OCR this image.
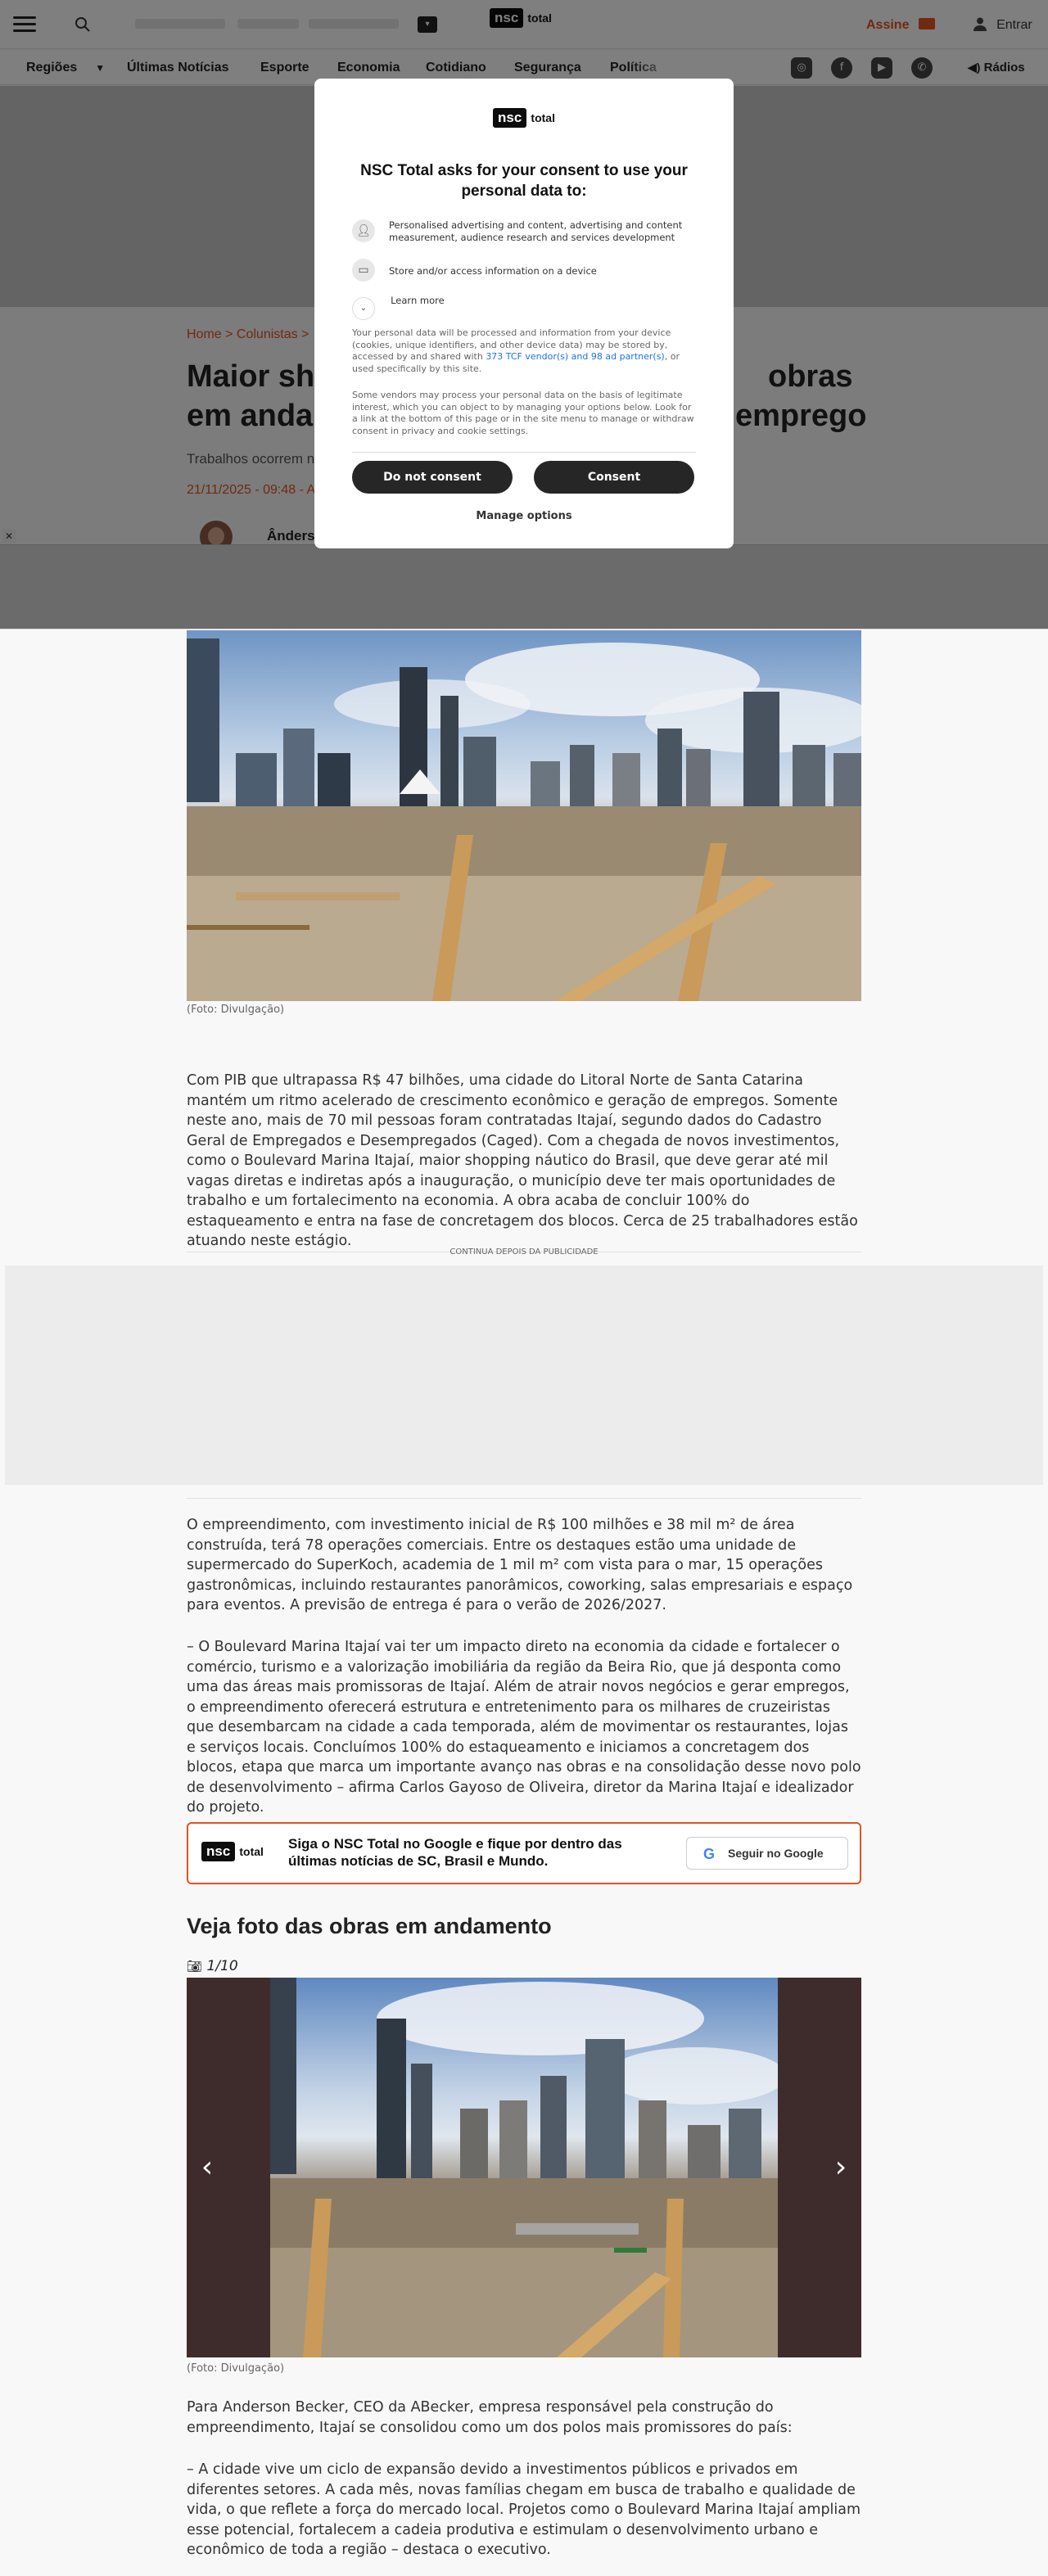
(Foto: Divulgação)
Com PIB que ultrapassa R$ 47 bilhões, uma cidade do Litoral Norte de Santa Catarina mantém um ritmo acelerado de crescimento econômico e geração de empregos. Somente neste ano, mais de 70 mil pessoas foram contratadas Itajaí, segundo dados do Cadastro Geral de Empregados e Desempregados (Caged). Com a chegada de novos investimentos, como o Boulevard Marina Itajaí, maior shopping náutico do Brasil, que deve gerar até mil vagas diretas e indiretas após a inauguração, o município deve ter mais oportunidades de trabalho e um fortalecimento na economia. A obra acaba de concluir 100% do estaqueamento e entra na fase de concretagem dos blocos. Cerca de 25 trabalhadores estão atuando neste estágio.
CONTINUA DEPOIS DA PUBLICIDADE
O empreendimento, com investimento inicial de R$ 100 milhões e 38 mil m² de área construída, terá 78 operações comerciais. Entre os destaques estão uma unidade de supermercado do SuperKoch, academia de 1 mil m² com vista para o mar, 15 operações gastronômicas, incluindo restaurantes panorâmicos, coworking, salas empresariais e espaço para eventos. A previsão de entrega é para o verão de 2026/2027.
– O Boulevard Marina Itajaí vai ter um impacto direto na economia da cidade e fortalecer o comércio, turismo e a valorização imobiliária da região da Beira Rio, que já desponta como uma das áreas mais promissoras de Itajaí. Além de atrair novos negócios e gerar empregos, o empreendimento oferecerá estrutura e entretenimento para os milhares de cruzeiristas que desembarcam na cidade a cada temporada, além de movimentar os restaurantes, lojas e serviços locais. Concluímos 100% do estaqueamento e iniciamos a concretagem dos blocos, etapa que marca um importante avanço nas obras e na consolidação desse novo polo de desenvolvimento – afirma Carlos Gayoso de Oliveira, diretor da Marina Itajaí e idealizador do projeto.
nsc total Siga o NSC Total no Google e fique por dentro das últimas notícias de SC, Brasil e Mundo.	G Seguir no Google
Veja foto das obras em andamento
📷︎ 1/10
‹	›
(Foto: Divulgação)
Para Anderson Becker, CEO da ABecker, empresa responsável pela construção do empreendimento, Itajaí se consolidou como um dos polos mais promissores do país:
– A cidade vive um ciclo de expansão devido a investimentos públicos e privados em diferentes setores. A cada mês, novas famílias chegam em busca de trabalho e qualidade de vida, o que reflete a força do mercado local. Projetos como o Boulevard Marina Itajaí ampliam esse potencial, fortalecem a cadeia produtiva e estimulam o desenvolvimento urbano e econômico de toda a região – destaca o executivo.
nsc total
NSC Total asks for your consent to use your personal data to:
👤︎	Personalised advertising and content, advertising and content measurement, audience research and services development
▭	Store and/or access information on a device
⌄ $^{Learn more}$
Your personal data will be processed and information from your device (cookies, unique identifiers, and other device data) may be stored by, accessed by and shared with 373 TCF vendor(s) and 98 ad partner(s), or used specifically by this site.
Some vendors may process your personal data on the basis of legitimate interest, which you can object to by managing your options below. Look for a link at the bottom of this page or in the site menu to manage or withdraw consent in privacy and cookie settings.
Do not consent	Consent
Manage options
